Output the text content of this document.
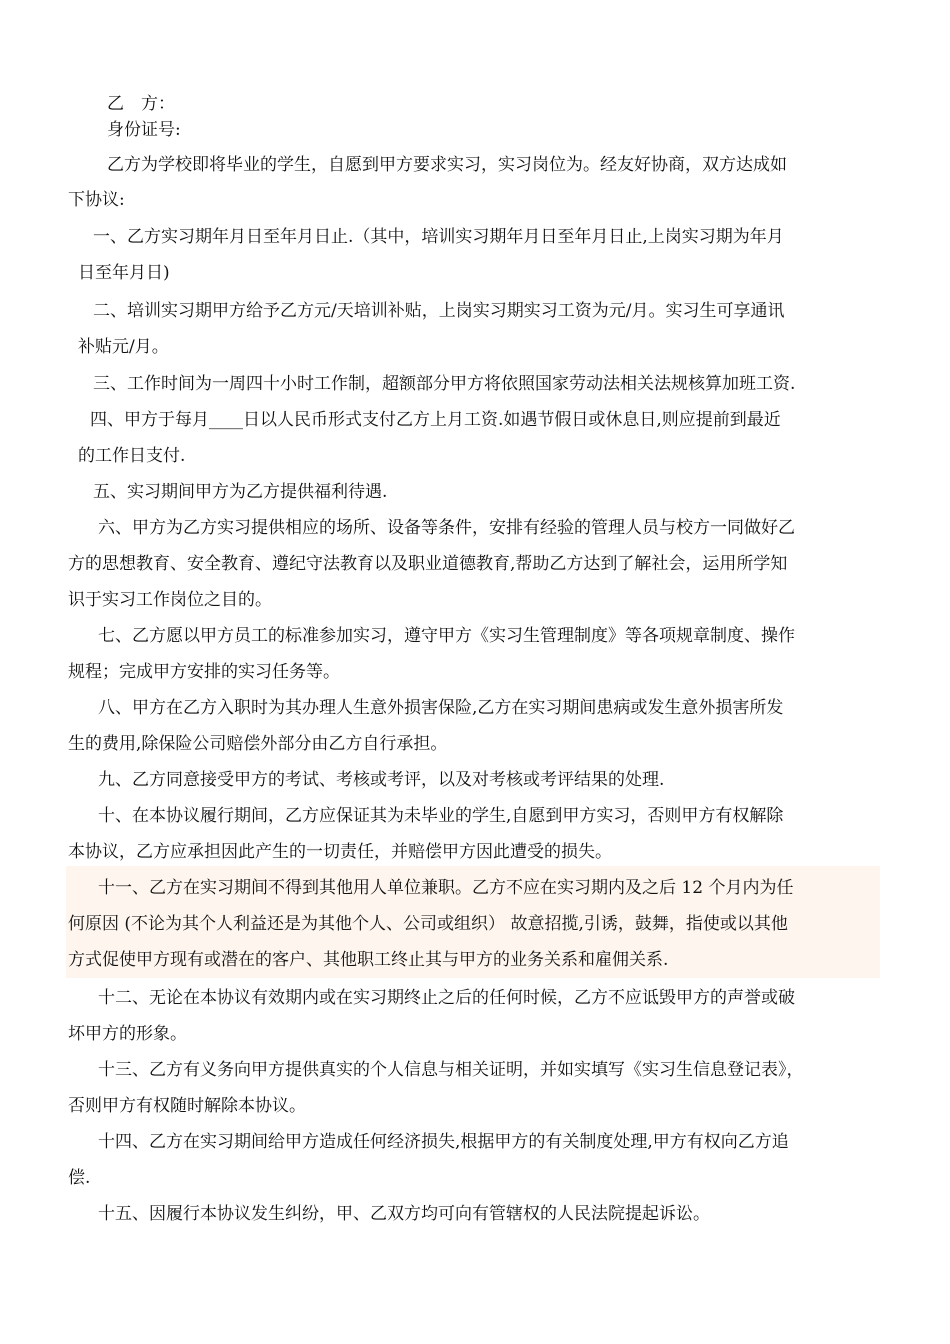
乙　方：
身份证号:
乙方为学校即将毕业的学生，自愿到甲方要求实习，实习岗位为。经友好协商，双方达成如
下协议:
一、乙方实习期年月日至年月日止.（其中，培训实习期年月日至年月日止,上岗实习期为年月
日至年月日)
二、培训实习期甲方给予乙方元/天培训补贴，上岗实习期实习工资为元/月。实习生可享通讯
补贴元/月。
三、工作时间为一周四十小时工作制，超额部分甲方将依照国家劳动法相关法规核算加班工资.
四、甲方于每月____日以人民币形式支付乙方上月工资.如遇节假日或休息日,则应提前到最近
的工作日支付.
五、实习期间甲方为乙方提供福利待遇.
六、甲方为乙方实习提供相应的场所、设备等条件，安排有经验的管理人员与校方一同做好乙
方的思想教育、安全教育、遵纪守法教育以及职业道德教育,帮助乙方达到了解社会，运用所学知
识于实习工作岗位之目的。
七、乙方愿以甲方员工的标准参加实习，遵守甲方《实习生管理制度》等各项规章制度、操作
规程；完成甲方安排的实习任务等。
八、甲方在乙方入职时为其办理人生意外损害保险,乙方在实习期间患病或发生意外损害所发
生的费用,除保险公司赔偿外部分由乙方自行承担。
九、乙方同意接受甲方的考试、考核或考评，以及对考核或考评结果的处理.
十、在本协议履行期间，乙方应保证其为未毕业的学生,自愿到甲方实习，否则甲方有权解除
本协议，乙方应承担因此产生的一切责任，并赔偿甲方因此遭受的损失。
十一、乙方在实习期间不得到其他用人单位兼职。乙方不应在实习期内及之后 12 个月内为任
何原因 (不论为其个人利益还是为其他个人、公司或组织） 故意招揽,引诱，鼓舞，指使或以其他
方式促使甲方现有或潜在的客户、其他职工终止其与甲方的业务关系和雇佣关系.
十二、无论在本协议有效期内或在实习期终止之后的任何时候，乙方不应诋毁甲方的声誉或破
坏甲方的形象。
十三、乙方有义务向甲方提供真实的个人信息与相关证明，并如实填写《实习生信息登记表》，
否则甲方有权随时解除本协议。
十四、乙方在实习期间给甲方造成任何经济损失,根据甲方的有关制度处理,甲方有权向乙方追
偿.
十五、因履行本协议发生纠纷，甲、乙双方均可向有管辖权的人民法院提起诉讼。
